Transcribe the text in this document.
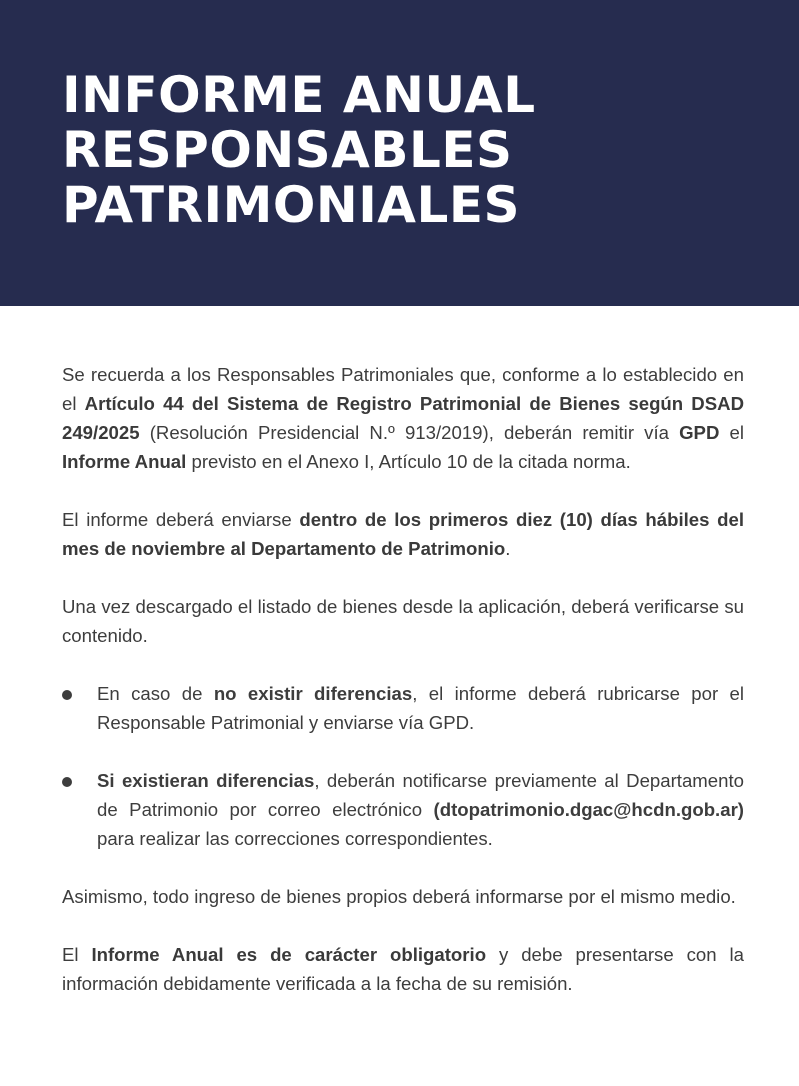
INFORME ANUAL
RESPONSABLES
PATRIMONIALES

Se recuerda a los Responsables Patrimoniales que, conforme a lo establecido en el Artículo 44 del Sistema de Registro Patrimonial de Bienes según DSAD 249/2025 (Resolución Presidencial N.º 913/2019), deberán remitir vía GPD el Informe Anual previsto en el Anexo I, Artículo 10 de la citada norma.

El informe deberá enviarse dentro de los primeros diez (10) días hábiles del mes de noviembre al Departamento de Patrimonio.

Una vez descargado el listado de bienes desde la aplicación, deberá verificarse su contenido.

En caso de no existir diferencias, el informe deberá rubricarse por el Responsable Patrimonial y enviarse vía GPD.
Si existieran diferencias, deberán notificarse previamente al Departamento de Patrimonio por correo electrónico (dtopatrimonio.dgac@hcdn.gob.ar) para realizar las correcciones correspondientes.

Asimismo, todo ingreso de bienes propios deberá informarse por el mismo medio.

El Informe Anual es de carácter obligatorio y debe presentarse con la información debidamente verificada a la fecha de su remisión.
